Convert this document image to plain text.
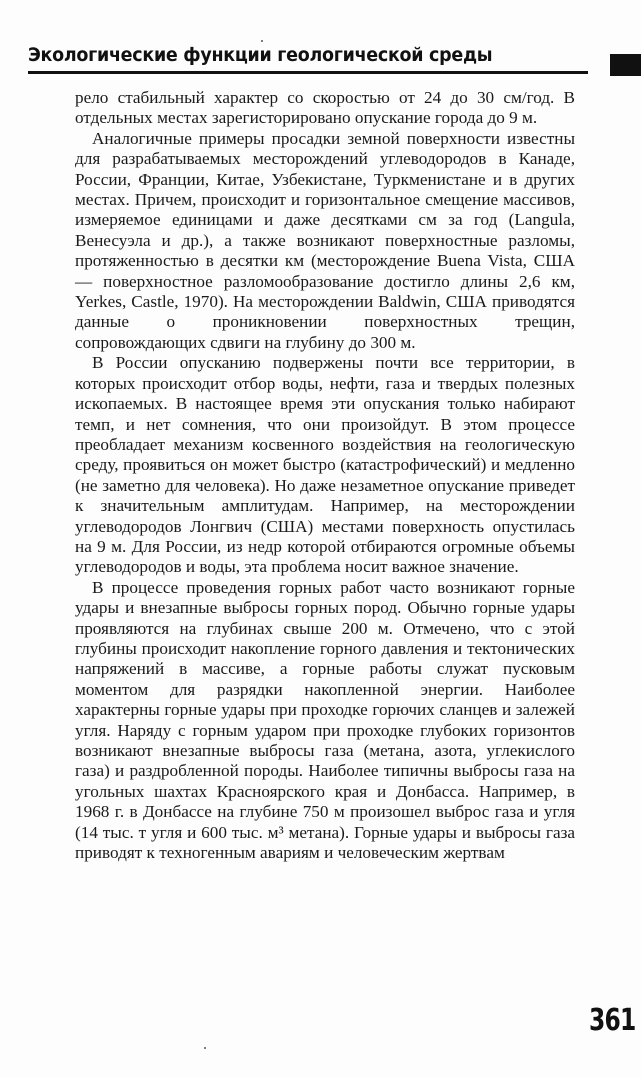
Экологические функции геологической среды

рело стабильный характер со скоростью от 24 до 30 см/год. В отдельных местах зарегисторировано опускание города до 9 м.

Аналогичные примеры просадки земной поверхности известны для разрабатываемых месторождений углеводородов в Канаде, России, Франции, Китае, Узбекистане, Туркменистане и в других местах. Причем, происходит и горизонтальное смещение массивов, измеряемое единицами и даже десятками см за год (Langula, Венесуэла и др.), а также возникают поверхностные разломы, протяженностью в десятки км (месторождение Buena Vista, США — поверхностное разломообразование достигло длины 2,6 км, Yerkes, Castle, 1970). На месторождении Baldwin, США приводятся данные о проникновении поверхностных трещин, сопровождающих сдвиги на глубину до 300 м.

В России опусканию подвержены почти все территории, в которых происходит отбор воды, нефти, газа и твердых полезных ископаемых. В настоящее время эти опускания только набирают темп, и нет сомнения, что они произойдут. В этом процессе преобладает механизм косвенного воздействия на геологическую среду, проявиться он может быстро (катастрофический) и медленно (не заметно для человека). Но даже незаметное опускание приведет к значительным амплитудам. Например, на месторождении углеводородов Лонгвич (США) местами поверхность опустилась на 9 м. Для России, из недр которой отбираются огромные объемы углеводородов и воды, эта проблема носит важное значение.

В процессе проведения горных работ часто возникают горные удары и внезапные выбросы горных пород. Обычно горные удары проявляются на глубинах свыше 200 м. Отмечено, что с этой глубины происходит накопление горного давления и тектонических напряжений в массиве, а горные работы служат пусковым моментом для разрядки накопленной энергии. Наиболее характерны горные удары при проходке горючих сланцев и залежей угля. Наряду с горным ударом при проходке глубоких горизонтов возникают внезапные выбросы газа (метана, азота, углекислого газа) и раздробленной породы. Наиболее типичны выбросы газа на угольных шахтах Красноярского края и Донбасса. Например, в 1968 г. в Донбассе на глубине 750 м произошел выброс газа и угля (14 тыс. т угля и 600 тыс. м³ метана). Горные удары и выбросы газа приводят к техногенным авариям и человеческим жертвам

361
